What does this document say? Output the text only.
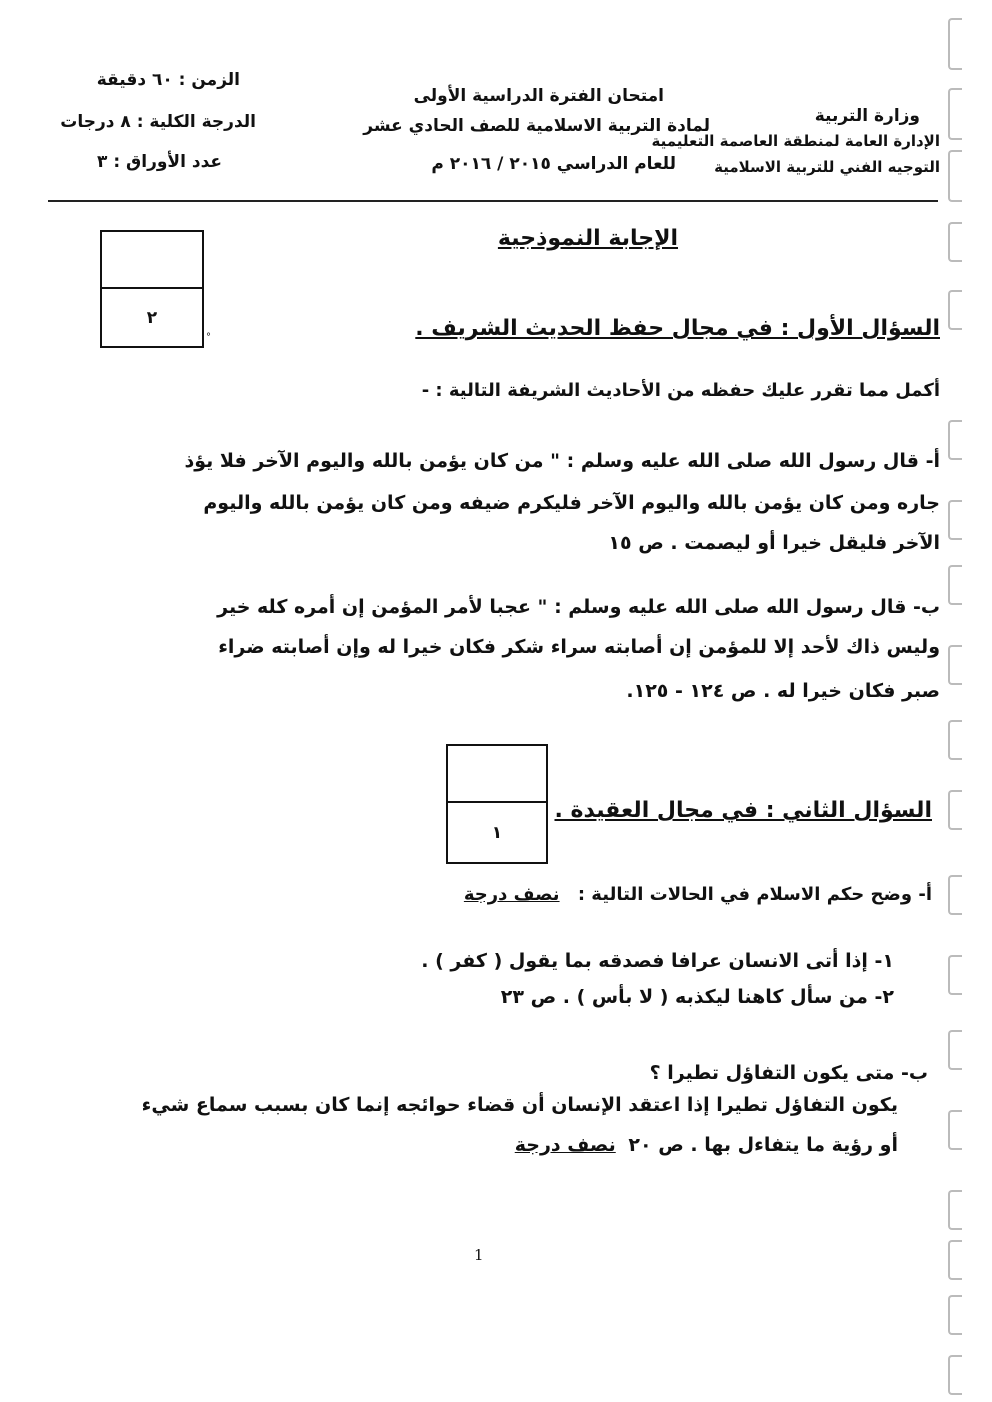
وزارة التربية
الإدارة العامة لمنطقة العاصمة التعليمية
التوجيه الفني للتربية الاسلامية
امتحان الفترة الدراسية الأولى
لمادة التربية الاسلامية للصف الحادي عشر
للعام الدراسي ٢٠١٥ / ٢٠١٦ م
الزمن : ٦٠ دقيقة
الدرجة الكلية : ٨ درجات
عدد الأوراق : ٣
الإجابة النموذجية
٢
°	السؤال الأول : في مجال حفظ الحديث الشريف .
أكمل مما تقرر عليك حفظه من الأحاديث الشريفة التالية : -
أ- قال رسول الله صلى الله عليه وسلم : " من كان يؤمن بالله واليوم الآخر فلا يؤذ
جاره ومن كان يؤمن بالله واليوم الآخر فليكرم ضيفه ومن كان يؤمن بالله واليوم
الآخر فليقل خيرا أو ليصمت . ص ١٥
ب- قال رسول الله صلى الله عليه وسلم : " عجبا لأمر المؤمن إن أمره كله خير
وليس ذاك لأحد إلا للمؤمن إن أصابته سراء شكر فكان خيرا له وإن أصابته ضراء
صبر فكان خيرا له . ص ١٢٤ - ١٢٥.
١
السؤال الثاني : في مجال العقيدة .
أ- وضح حكم الاسلام في الحالات التالية : نصف درجة
١- إذا أتى الانسان عرافا فصدقه بما يقول ( كفر ) .
٢- من سأل كاهنا ليكذبه ( لا بأس ) . ص ٢٣
ب- متى يكون التفاؤل تطيرا ؟
يكون التفاؤل تطيرا إذا اعتقد الإنسان أن قضاء حوائجه إنما كان بسبب سماع شيء
أو رؤية ما يتفاءل بها . ص ٢٠ نصف درجة
1
